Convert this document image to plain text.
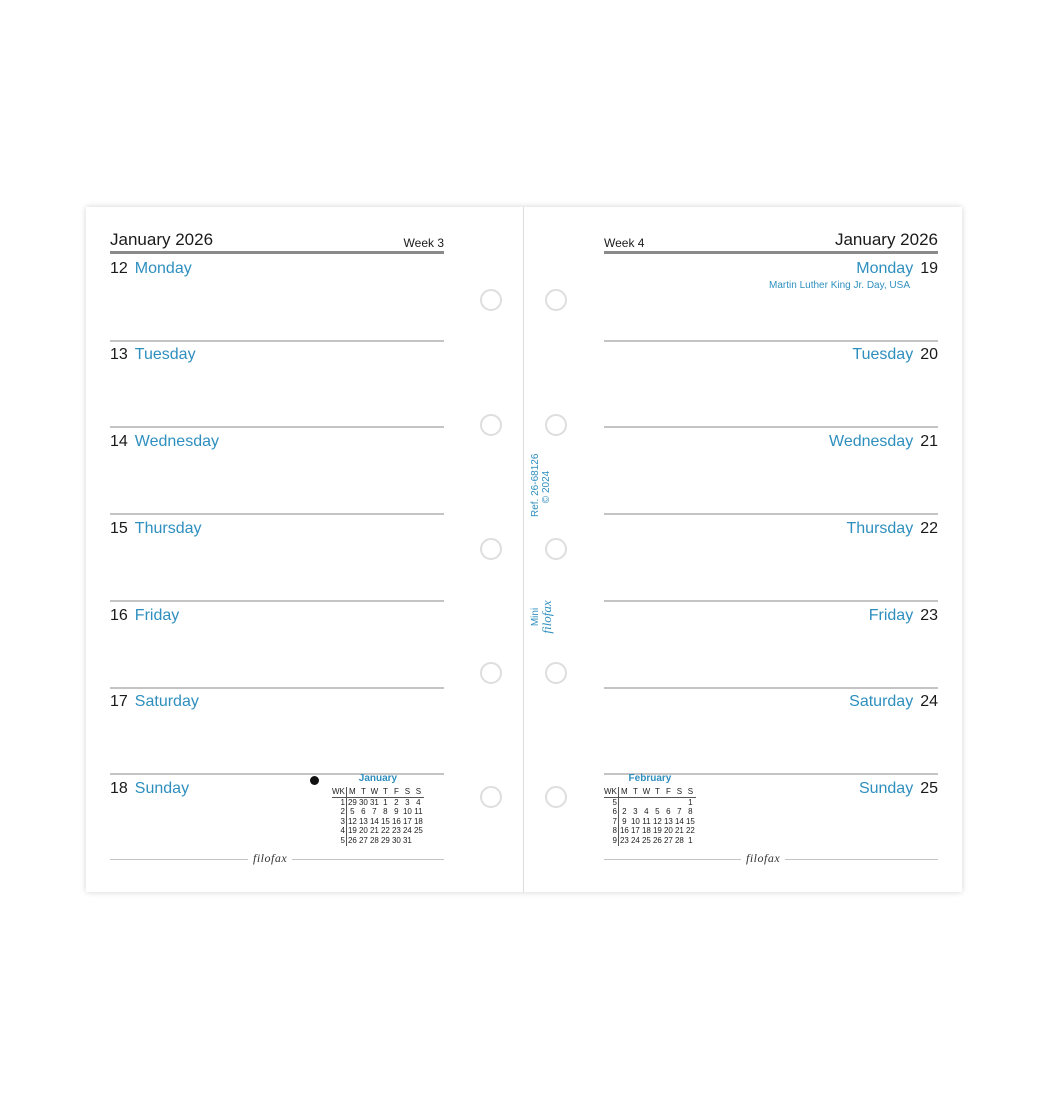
January 2026	Week 3
12 Monday
13 Tuesday
14 Wednesday
15 Thursday
16 Friday
17 Saturday
18 Sunday
January
WK	M	T	W	T	F	S	S
1	29	30	31	1	2	3	4
2	5	6	7	8	9	10	11
3	12	13	14	15	16	17	18
4	19	20	21	22	23	24	25
5	26	27	28	29	30	31	
filofax
Week 4	January 2026
Monday 19
Martin Luther King Jr. Day, USA
Tuesday 20
Wednesday 21
Thursday 22
Friday 23
Saturday 24
Sunday 25
February
WK	M	T	W	T	F	S	S
5							1
6	2	3	4	5	6	7	8
7	9	10	11	12	13	14	15
8	16	17	18	19	20	21	22
9	23	24	25	26	27	28	1
filofax
Ref. 26-68126 © 2024
Mini
filofax
